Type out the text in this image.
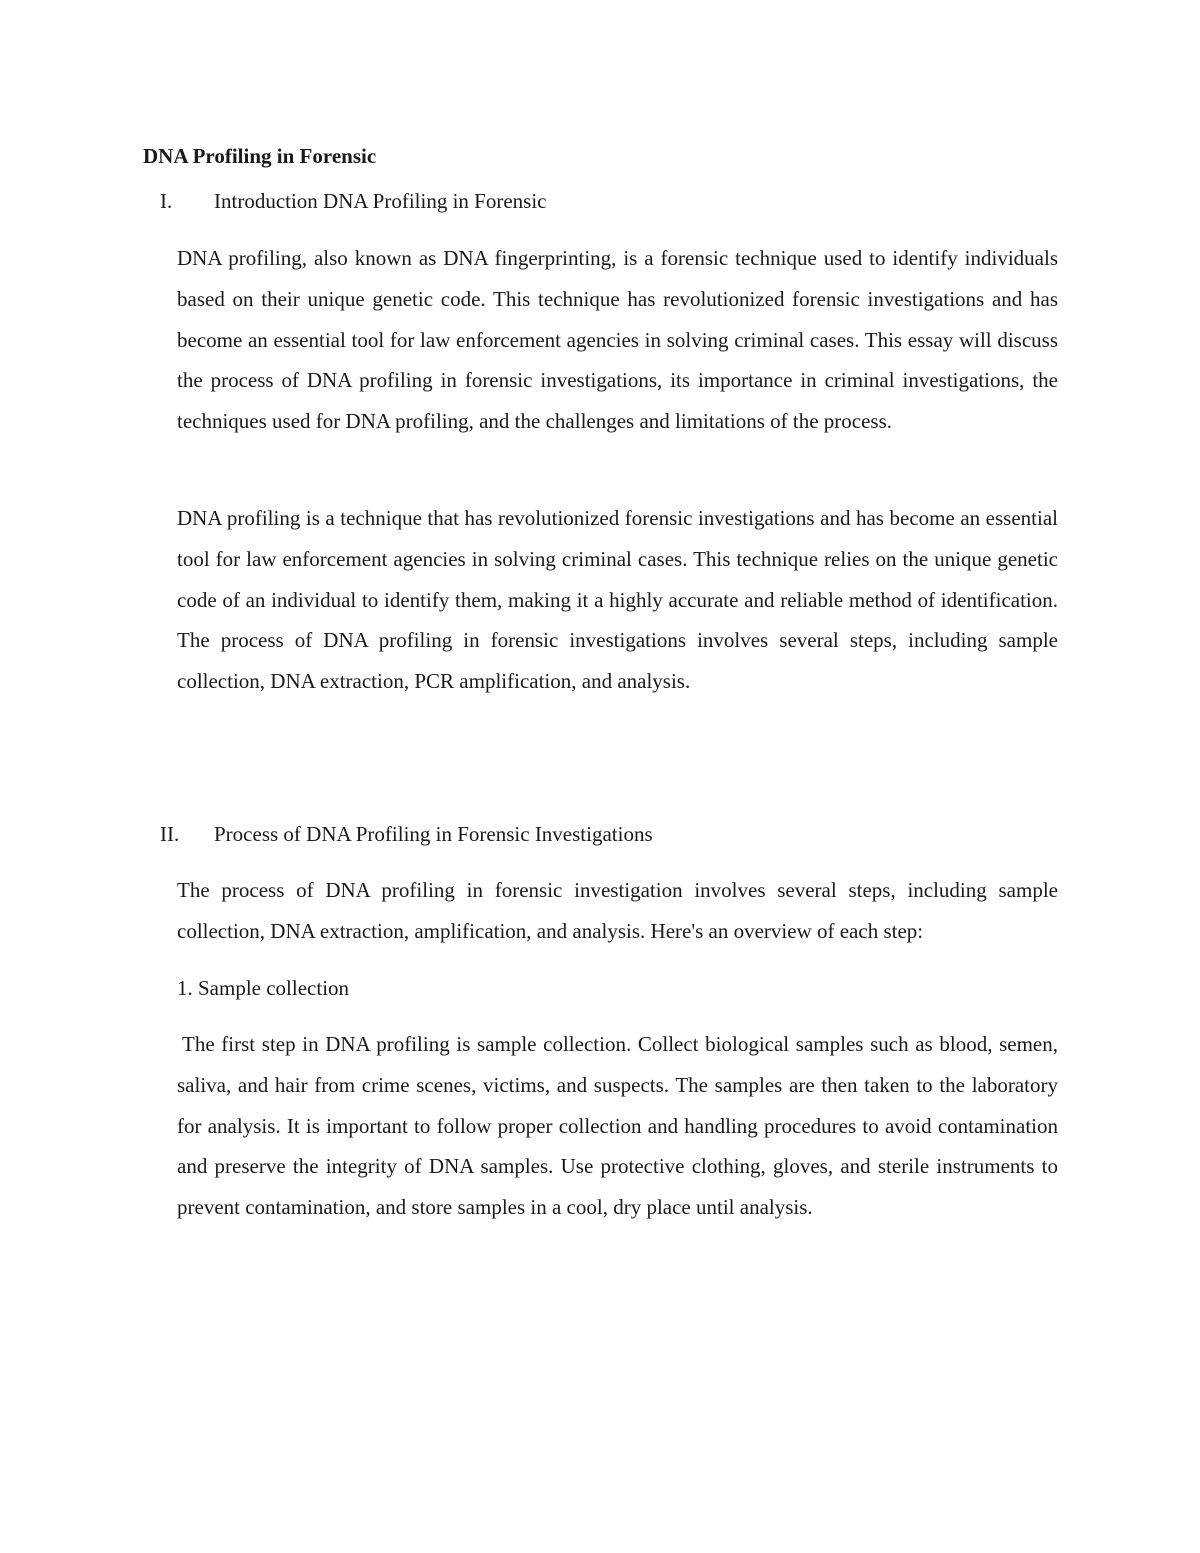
DNA Profiling in Forensic
I. Introduction DNA Profiling in Forensic

DNA profiling, also known as DNA fingerprinting, is a forensic technique used to identify individuals based on their unique genetic code. This technique has revolutionized forensic investigations and has become an essential tool for law enforcement agencies in solving criminal cases. This essay will discuss the process of DNA profiling in forensic investigations, its importance in criminal investigations, the techniques used for DNA profiling, and the challenges and limitations of the process.

DNA profiling is a technique that has revolutionized forensic investigations and has become an essential tool for law enforcement agencies in solving criminal cases. This technique relies on the unique genetic code of an individual to identify them, making it a highly accurate and reliable method of identification. The process of DNA profiling in forensic investigations involves several steps, including sample collection, DNA extraction, PCR amplification, and analysis.

II. Process of DNA Profiling in Forensic Investigations

The process of DNA profiling in forensic investigation involves several steps, including sample collection, DNA extraction, amplification, and analysis. Here's an overview of each step:

1. Sample collection

The first step in DNA profiling is sample collection. Collect biological samples such as blood, semen, saliva, and hair from crime scenes, victims, and suspects. The samples are then taken to the laboratory for analysis. It is important to follow proper collection and handling procedures to avoid contamination and preserve the integrity of DNA samples. Use protective clothing, gloves, and sterile instruments to prevent contamination, and store samples in a cool, dry place until analysis.
